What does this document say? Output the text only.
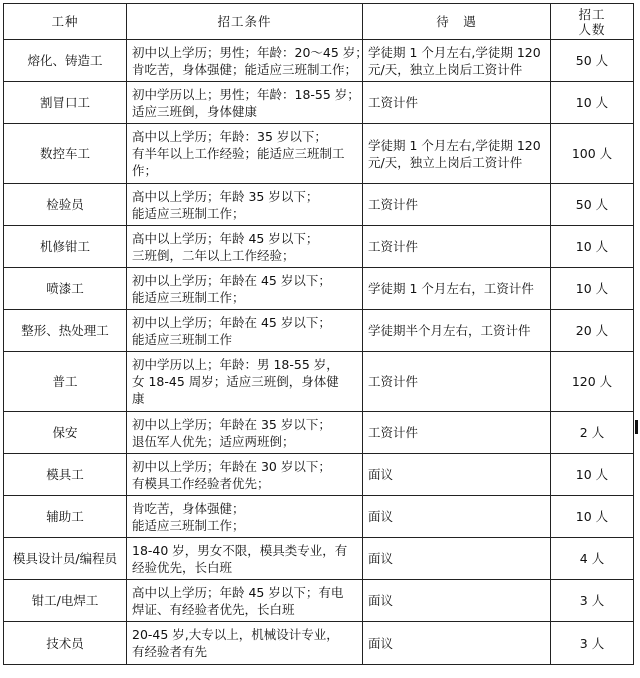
工种	招工条件	待　遇	招工
人数

熔化、铸造工	初中以上学历；男性；年龄：20～45 岁；
肯吃苦，身体强健；能适应三班制工作；	学徒期 1 个月左右,学徒期 120
元/天，独立上岗后工资计件	50 人
割冒口工	初中学历以上；男性；年龄：18-55 岁；
适应三班倒，身体健康	工资计件	10 人
数控车工	高中以上学历；年龄：35 岁以下；
有半年以上工作经验；能适应三班制工
作；	学徒期 1 个月左右,学徒期 120
元/天，独立上岗后工资计件	100 人
检验员	高中以上学历；年龄 35 岁以下；
能适应三班制工作；	工资计件	50 人
机修钳工	高中以上学历；年龄 45 岁以下；
三班倒，二年以上工作经验；	工资计件	10 人
喷漆工	初中以上学历；年龄在 45 岁以下；
能适应三班制工作；	学徒期 1 个月左右，工资计件	10 人
整形、热处理工	初中以上学历；年龄在 45 岁以下；
能适应三班制工作	学徒期半个月左右，工资计件	20 人
普工	初中学历以上；年龄：男 18-55 岁，
女 18-45 周岁；适应三班倒，身体健
康	工资计件	120 人
保安	初中以上学历；年龄在 35 岁以下；
退伍军人优先；适应两班倒；	工资计件	2 人
模具工	初中以上学历；年龄在 30 岁以下；
有模具工作经验者优先；	面议	10 人
辅助工	肯吃苦，身体强健；
能适应三班制工作；	面议	10 人
模具设计员/编程员	18-40 岁，男女不限，模具类专业，有
经验优先，长白班	面议	4 人
钳工/电焊工	高中以上学历；年龄 45 岁以下；有电
焊证、有经验者优先，长白班	面议	3 人
技术员	20-45 岁,大专以上，机械设计专业，
有经验者有先	面议	3 人
